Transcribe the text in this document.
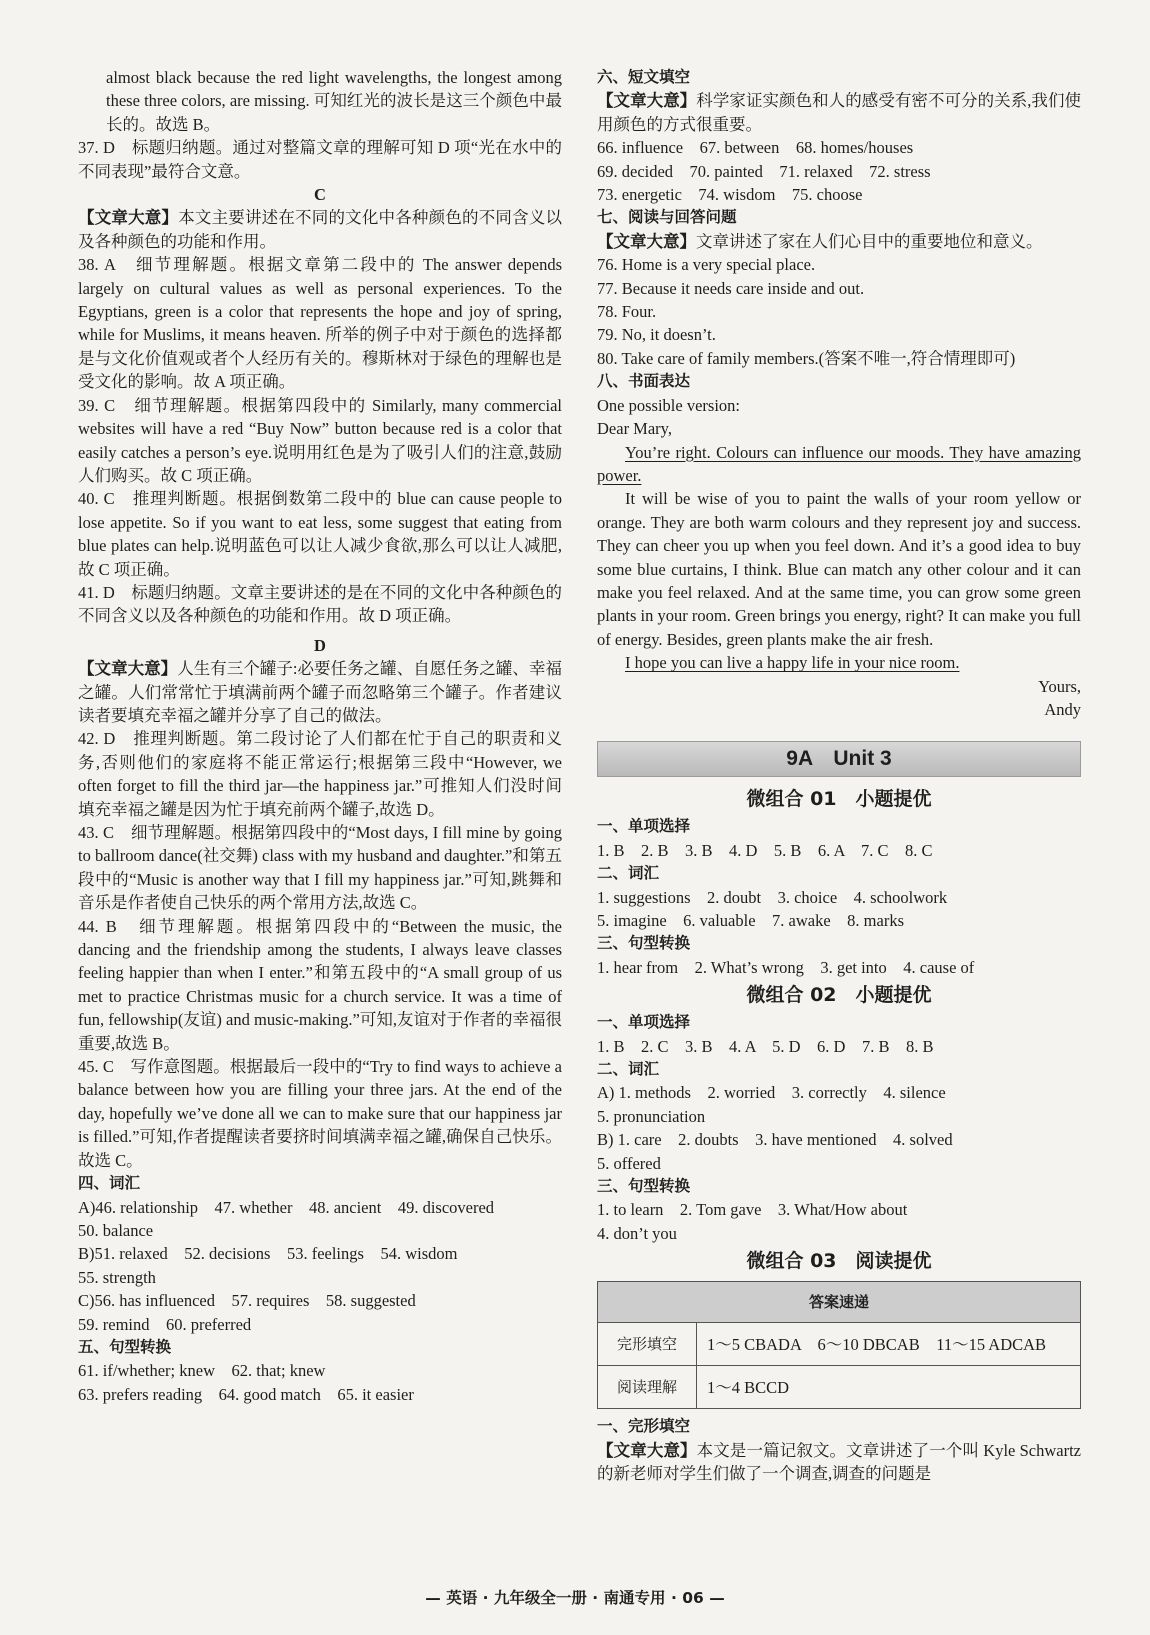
almost black because the red light wavelengths, the longest among these three colors, are missing. 可知红光的波长是这三个颜色中最长的。故选 B。

37. D　标题归纳题。通过对整篇文章的理解可知 D 项“光在水中的不同表现”最符合文意。

C

【文章大意】本文主要讲述在不同的文化中各种颜色的不同含义以及各种颜色的功能和作用。

38. A　细节理解题。根据文章第二段中的 The answer depends largely on cultural values as well as personal experiences. To the Egyptians, green is a color that represents the hope and joy of spring, while for Muslims, it means heaven. 所举的例子中对于颜色的选择都是与文化价值观或者个人经历有关的。穆斯林对于绿色的理解也是受文化的影响。故 A 项正确。

39. C　细节理解题。根据第四段中的 Similarly, many commercial websites will have a red “Buy Now” button because red is a color that easily catches a person’s eye.说明用红色是为了吸引人们的注意,鼓励人们购买。故 C 项正确。

40. C　推理判断题。根据倒数第二段中的 blue can cause people to lose appetite. So if you want to eat less, some suggest that eating from blue plates can help.说明蓝色可以让人减少食欲,那么可以让人减肥,故 C 项正确。

41. D　标题归纳题。文章主要讲述的是在不同的文化中各种颜色的不同含义以及各种颜色的功能和作用。故 D 项正确。

D

【文章大意】人生有三个罐子:必要任务之罐、自愿任务之罐、幸福之罐。人们常常忙于填满前两个罐子而忽略第三个罐子。作者建议读者要填充幸福之罐并分享了自己的做法。

42. D　推理判断题。第二段讨论了人们都在忙于自己的职责和义务,否则他们的家庭将不能正常运行;根据第三段中“However, we often forget to fill the third jar—the happiness jar.”可推知人们没时间填充幸福之罐是因为忙于填充前两个罐子,故选 D。

43. C　细节理解题。根据第四段中的“Most days, I fill mine by going to ballroom dance(社交舞) class with my husband and daughter.”和第五段中的“Music is another way that I fill my happiness jar.”可知,跳舞和音乐是作者使自己快乐的两个常用方法,故选 C。

44. B　细节理解题。根据第四段中的“Between the music, the dancing and the friendship among the students, I always leave classes feeling happier than when I enter.”和第五段中的“A small group of us met to practice Christmas music for a church service. It was a time of fun, fellowship(友谊) and music-making.”可知,友谊对于作者的幸福很重要,故选 B。

45. C　写作意图题。根据最后一段中的“Try to find ways to achieve a balance between how you are filling your three jars. At the end of the day, hopefully we’ve done all we can to make sure that our happiness jar is filled.”可知,作者提醒读者要挤时间填满幸福之罐,确保自己快乐。故选 C。

四、词汇

A)46. relationship　47. whether　48. ancient　49. discovered

50. balance

B)51. relaxed　52. decisions　53. feelings　54. wisdom

55. strength

C)56. has influenced　57. requires　58. suggested

59. remind　60. preferred

五、句型转换

61. if/whether; knew　62. that; knew

63. prefers reading　64. good match　65. it easier

六、短文填空

【文章大意】科学家证实颜色和人的感受有密不可分的关系,我们使用颜色的方式很重要。

66. influence　67. between　68. homes/houses

69. decided　70. painted　71. relaxed　72. stress

73. energetic　74. wisdom　75. choose

七、阅读与回答问题

【文章大意】文章讲述了家在人们心目中的重要地位和意义。

76. Home is a very special place.

77. Because it needs care inside and out.

78. Four.

79. No, it doesn’t.

80. Take care of family members.(答案不唯一,符合情理即可)

八、书面表达

One possible version:

Dear Mary,

You’re right. Colours can influence our moods. They have amazing power.

It will be wise of you to paint the walls of your room yellow or orange. They are both warm colours and they represent joy and success. They can cheer you up when you feel down. And it’s a good idea to buy some blue curtains, I think. Blue can match any other colour and it can make you feel relaxed. And at the same time, you can grow some green plants in your room. Green brings you energy, right? It can make you full of energy. Besides, green plants make the air fresh.

I hope you can live a happy life in your nice room.

Yours,

Andy

9A　Unit 3
微组合 01　小题提优

一、单项选择

1. B　2. B　3. B　4. D　5. B　6. A　7. C　8. C

二、词汇

1. suggestions　2. doubt　3. choice　4. schoolwork

5. imagine　6. valuable　7. awake　8. marks

三、句型转换

1. hear from　2. What’s wrong　3. get into　4. cause of

微组合 02　小题提优

一、单项选择

1. B　2. C　3. B　4. A　5. D　6. D　7. B　8. B

二、词汇

A) 1. methods　2. worried　3. correctly　4. silence

5. pronunciation

B) 1. care　2. doubts　3. have mentioned　4. solved

5. offered

三、句型转换

1. to learn　2. Tom gave　3. What/How about

4. don’t you

微组合 03　阅读提优
答案速递	
完形填空	1～5 CBADA　6～10 DBCAB　11～15 ADCAB
阅读理解	1～4 BCCD

一、完形填空

【文章大意】本文是一篇记叙文。文章讲述了一个叫 Kyle Schwartz 的新老师对学生们做了一个调查,调查的问题是

— 英语 · 九年级全一册 · 南通专用 · 06 —
